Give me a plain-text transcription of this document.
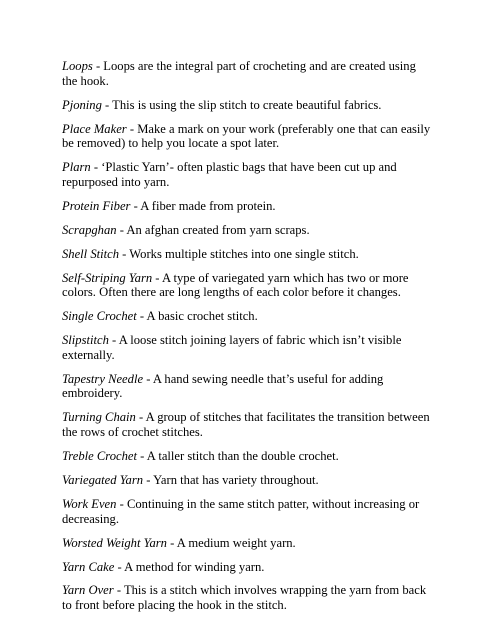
Loops - Loops are the integral part of crocheting and are created using the hook.
Pjoning - This is using the slip stitch to create beautiful fabrics.
Place Maker - Make a mark on your work (preferably one that can easily be removed) to help you locate a spot later.
Plarn - ‘Plastic Yarn’- often plastic bags that have been cut up and repurposed into yarn.
Protein Fiber - A fiber made from protein.
Scrapghan - An afghan created from yarn scraps.
Shell Stitch - Works multiple stitches into one single stitch.
Self-Striping Yarn - A type of variegated yarn which has two or more colors. Often there are long lengths of each color before it changes.
Single Crochet - A basic crochet stitch.
Slipstitch - A loose stitch joining layers of fabric which isn’t visible externally.
Tapestry Needle - A hand sewing needle that’s useful for adding embroidery.
Turning Chain - A group of stitches that facilitates the transition between the rows of crochet stitches.
Treble Crochet - A taller stitch than the double crochet.
Variegated Yarn - Yarn that has variety throughout.
Work Even - Continuing in the same stitch patter, without increasing or decreasing.
Worsted Weight Yarn - A medium weight yarn.
Yarn Cake - A method for winding yarn.
Yarn Over - This is a stitch which involves wrapping the yarn from back to front before placing the hook in the stitch.
